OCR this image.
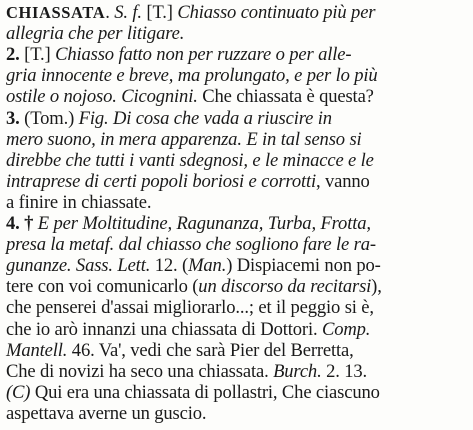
CHIASSATA. S. f. [T.] Chiasso continuato più per
allegria che per litigare.
2. [T.] Chiasso fatto non per ruzzare o per alle-
gria innocente e breve, ma prolungato, e per lo più
ostile o nojoso. Cicognini. Che chiassata è questa?
3. (Tom.) Fig. Di cosa che vada a riuscire in
mero suono, in mera apparenza. E in tal senso si
direbbe che tutti i vanti sdegnosi, e le minacce e le
intraprese di certi popoli boriosi e corrotti, vanno
a finire in chiassate.
4. † E per Moltitudine, Ragunanza, Turba, Frotta,
presa la metaf. dal chiasso che sogliono fare le ra-
gunanze. Sass. Lett. 12. (Man.) Dispiacemi non po-
tere con voi comunicarlo (un discorso da recitarsi),
che penserei d'assai migliorarlo...; et il peggio si è,
che io arò innanzi una chiassata di Dottori. Comp.
Mantell. 46. Va', vedi che sarà Pier del Berretta,
Che di novizi ha seco una chiassata. Burch. 2. 13.
(C) Qui era una chiassata di pollastri, Che ciascuno
aspettava averne un guscio.
